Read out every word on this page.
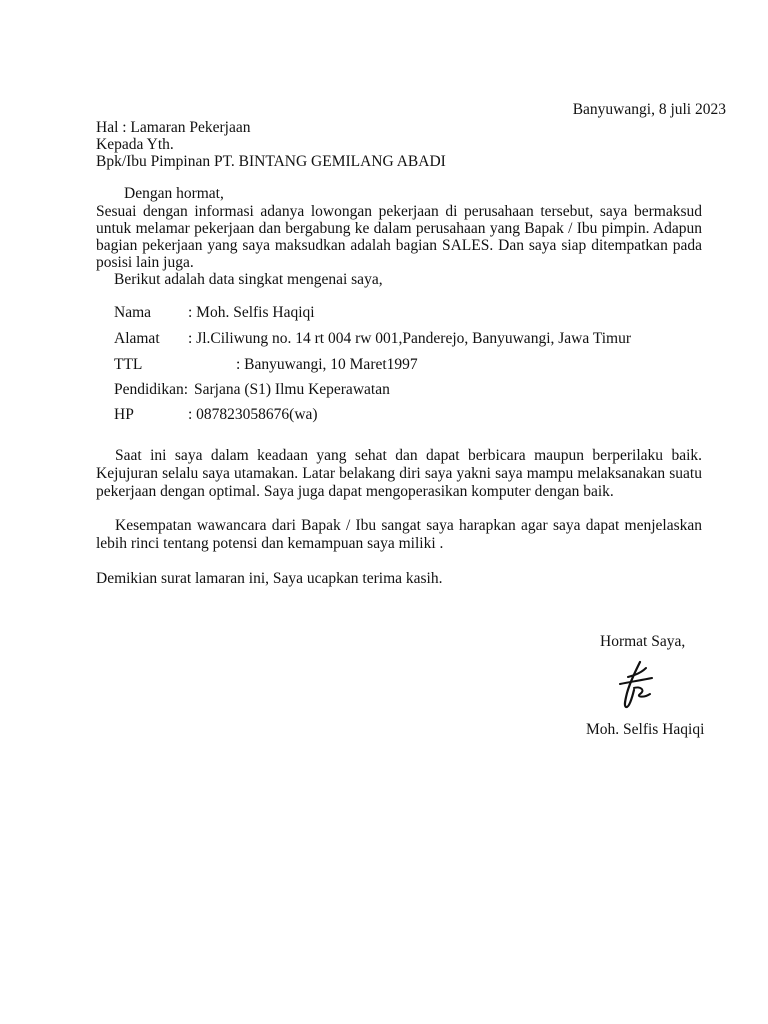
Banyuwangi, 8 juli 2023
Hal : Lamaran Pekerjaan
Kepada Yth.
Bpk/Ibu Pimpinan PT. BINTANG GEMILANG ABADI
Dengan hormat,
Sesuai dengan informasi adanya lowongan pekerjaan di perusahaan tersebut, saya bermaksud untuk melamar pekerjaan dan bergabung ke dalam perusahaan yang Bapak / Ibu pimpin. Adapun bagian pekerjaan yang saya maksudkan adalah bagian SALES. Dan saya siap ditempatkan pada posisi lain juga.
Berikut adalah data singkat mengenai saya,
Nama : Moh. Selfis Haqiqi
Alamat : Jl.Ciliwung no. 14 rt 004 rw 001,Panderejo, Banyuwangi, Jawa Timur
TTL	: Banyuwangi, 10 Maret1997
Pendidikan: Sarjana (S1) Ilmu Keperawatan
HP	: 087823058676(wa)
Saat ini saya dalam keadaan yang sehat dan dapat berbicara maupun berperilaku baik. Kejujuran selalu saya utamakan. Latar belakang diri saya yakni saya mampu melaksanakan suatu pekerjaan dengan optimal. Saya juga dapat mengoperasikan komputer dengan baik.
Kesempatan wawancara dari Bapak / Ibu sangat saya harapkan agar saya dapat menjelaskan lebih rinci tentang potensi dan kemampuan saya miliki .
Demikian surat lamaran ini, Saya ucapkan terima kasih.
Hormat Saya,
Moh. Selfis Haqiqi
